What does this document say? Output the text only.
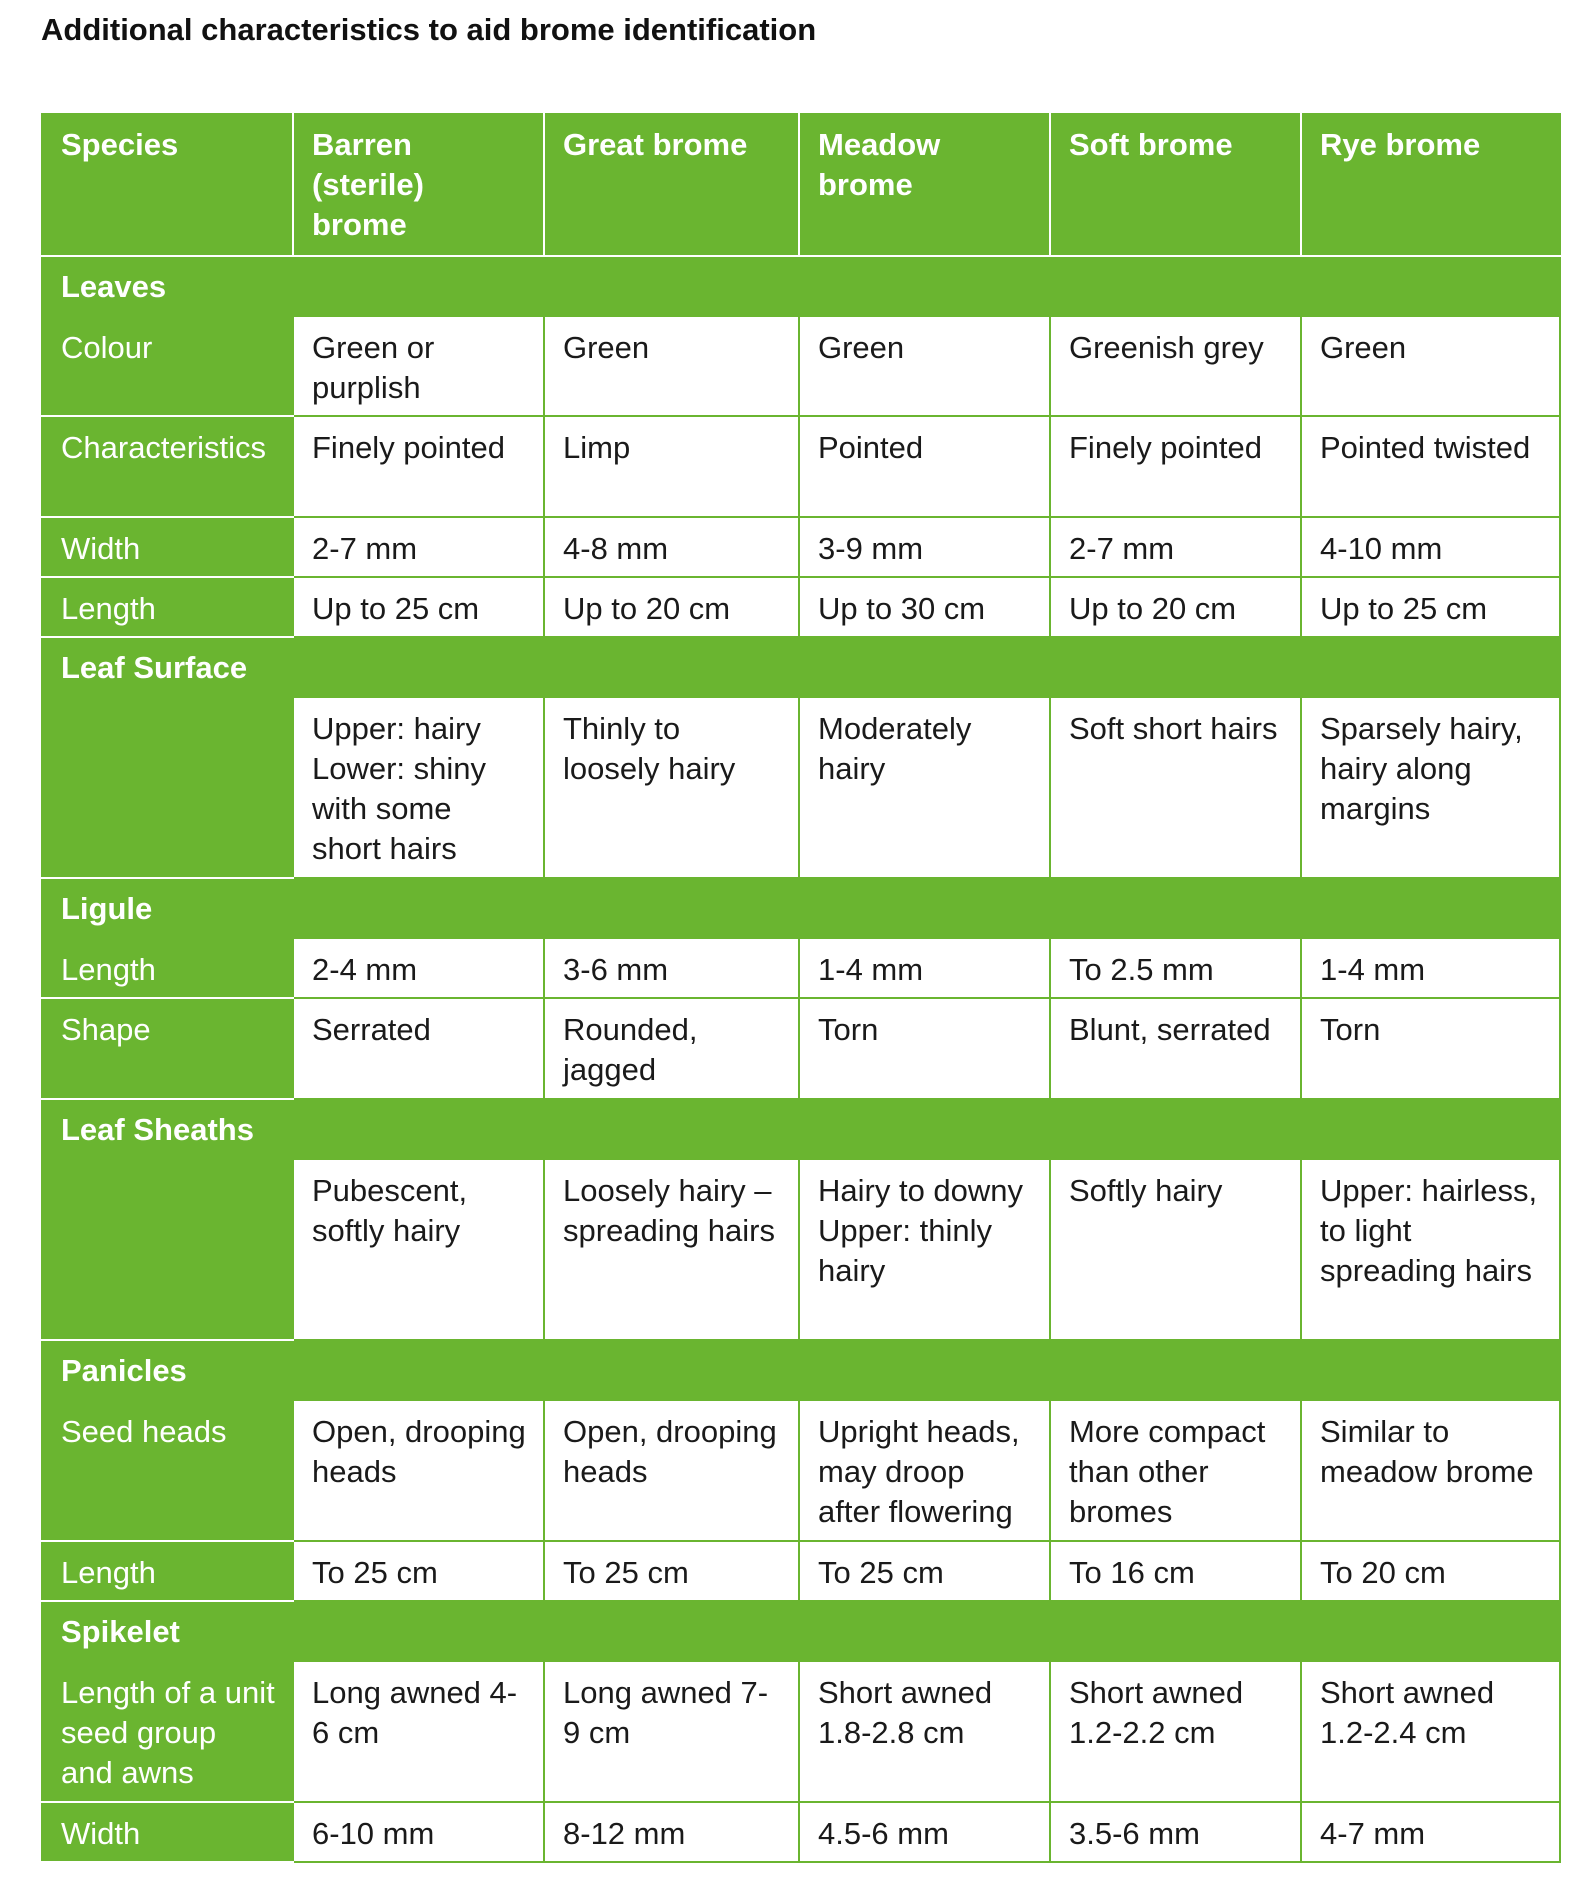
Additional characteristics to aid brome identification
Species	Barren (sterile) brome	Great brome	Meadow brome	Soft brome	Rye brome
Leaves					
Colour	Green or purplish	Green	Green	Greenish grey	Green
Characteristics	Finely pointed	Limp	Pointed	Finely pointed	Pointed twisted
Width	2-7 mm	4-8 mm	3-9 mm	2-7 mm	4-10 mm
Length	Up to 25 cm	Up to 20 cm	Up to 30 cm	Up to 20 cm	Up to 25 cm
Leaf Surface					
	Upper: hairy Lower: shiny with some short hairs	Thinly to loosely hairy	Moderately hairy	Soft short hairs	Sparsely hairy, hairy along margins
Ligule					
Length	2-4 mm	3-6 mm	1-4 mm	To 2.5 mm	1-4 mm
Shape	Serrated	Rounded, jagged	Torn	Blunt, serrated	Torn
Leaf Sheaths					
	Pubescent, softly hairy	Loosely hairy – spreading hairs	Hairy to downy Upper: thinly hairy	Softly hairy	Upper: hairless, to light spreading hairs
Panicles					
Seed heads	Open, drooping heads	Open, drooping heads	Upright heads, may droop after flowering	More compact than other bromes	Similar to meadow brome
Length	To 25 cm	To 25 cm	To 25 cm	To 16 cm	To 20 cm
Spikelet					
Length of a unit seed group and awns	Long awned 4-6 cm	Long awned 7-9 cm	Short awned 1.8-2.8 cm	Short awned 1.2-2.2 cm	Short awned 1.2-2.4 cm
Width	6-10 mm	8-12 mm	4.5-6 mm	3.5-6 mm	4-7 mm
